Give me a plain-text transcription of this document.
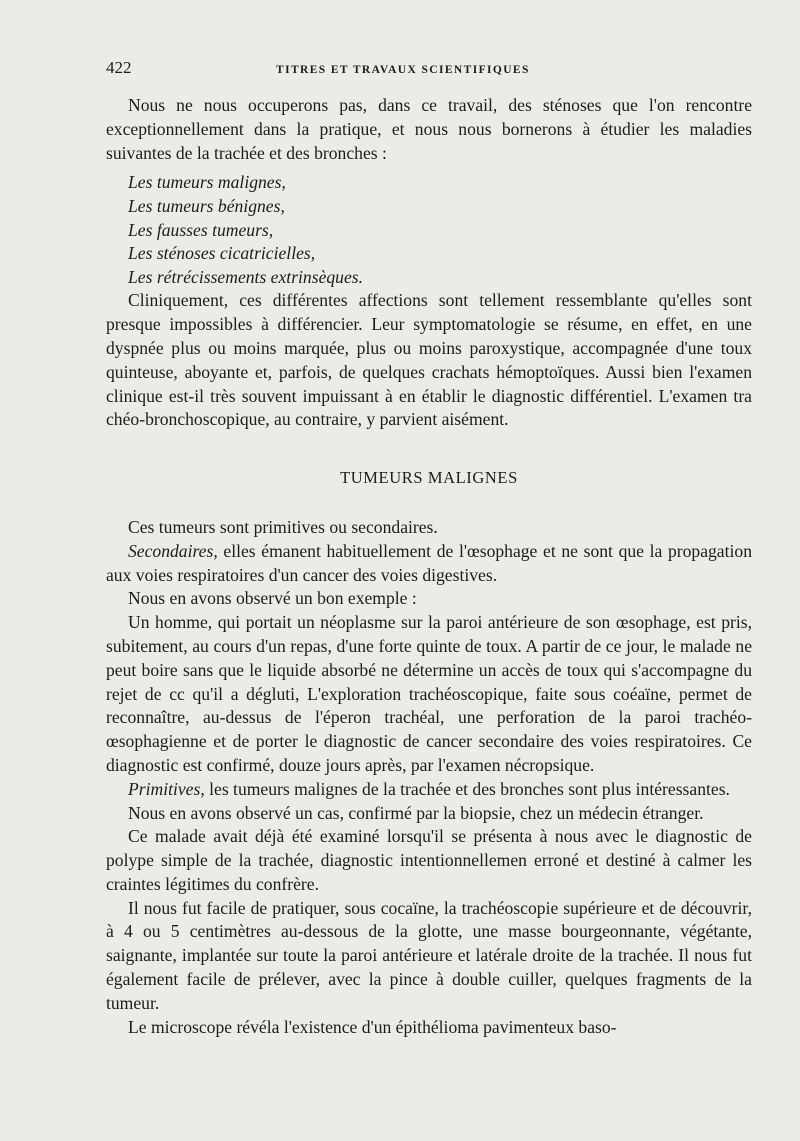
422	TITRES ET TRAVAUX SCIENTIFIQUES

Nous ne nous occuperons pas, dans ce travail, des sténoses que l'on rencontre exceptionnellement dans la pratique, et nous nous bornerons à étudier les maladies suivantes de la trachée et des bronches :

Les tumeurs malignes,
Les tumeurs bénignes,
Les fausses tumeurs,
Les sténoses cicatricielles,
Les rétrécissements extrinsèques.

Cliniquement, ces différentes affections sont tellement ressemblante qu'elles sont presque impossibles à différencier. Leur symptomatologie se résume, en effet, en une dyspnée plus ou moins marquée, plus ou moins paroxystique, accompagnée d'une toux quinteuse, aboyante et, parfois, de quelques crachats hémoptoïques. Aussi bien l'examen clinique est-il très souvent impuissant à en établir le diagnostic différentiel. L'examen tra chéo-bronchoscopique, au contraire, y parvient aisément.

TUMEURS MALIGNES

Ces tumeurs sont primitives ou secondaires.

Secondaires, elles émanent habituellement de l'œsophage et ne sont que la propagation aux voies respiratoires d'un cancer des voies digestives.

Nous en avons observé un bon exemple :

Un homme, qui portait un néoplasme sur la paroi antérieure de son œsophage, est pris, subitement, au cours d'un repas, d'une forte quinte de toux. A partir de ce jour, le malade ne peut boire sans que le liquide absorbé ne détermine un accès de toux qui s'accompagne du rejet de cc qu'il a dégluti, L'exploration trachéoscopique, faite sous coéaïne, permet de reconnaître, au-dessus de l'éperon trachéal, une perforation de la paroi trachéo-œsophagienne et de porter le diagnostic de cancer secondaire des voies respiratoires. Ce diagnostic est confirmé, douze jours après, par l'examen nécropsique.

Primitives, les tumeurs malignes de la trachée et des bronches sont plus intéressantes.

Nous en avons observé un cas, confirmé par la biopsie, chez un médecin étranger.

Ce malade avait déjà été examiné lorsqu'il se présenta à nous avec le diagnostic de polype simple de la trachée, diagnostic intentionnellemen erroné et destiné à calmer les craintes légitimes du confrère.

Il nous fut facile de pratiquer, sous cocaïne, la trachéoscopie supérieure et de découvrir, à 4 ou 5 centimètres au-dessous de la glotte, une masse bourgeonnante, végétante, saignante, implantée sur toute la paroi antérieure et latérale droite de la trachée. Il nous fut également facile de prélever, avec la pince à double cuiller, quelques fragments de la tumeur.

Le microscope révéla l'existence d'un épithélioma pavimenteux baso-
